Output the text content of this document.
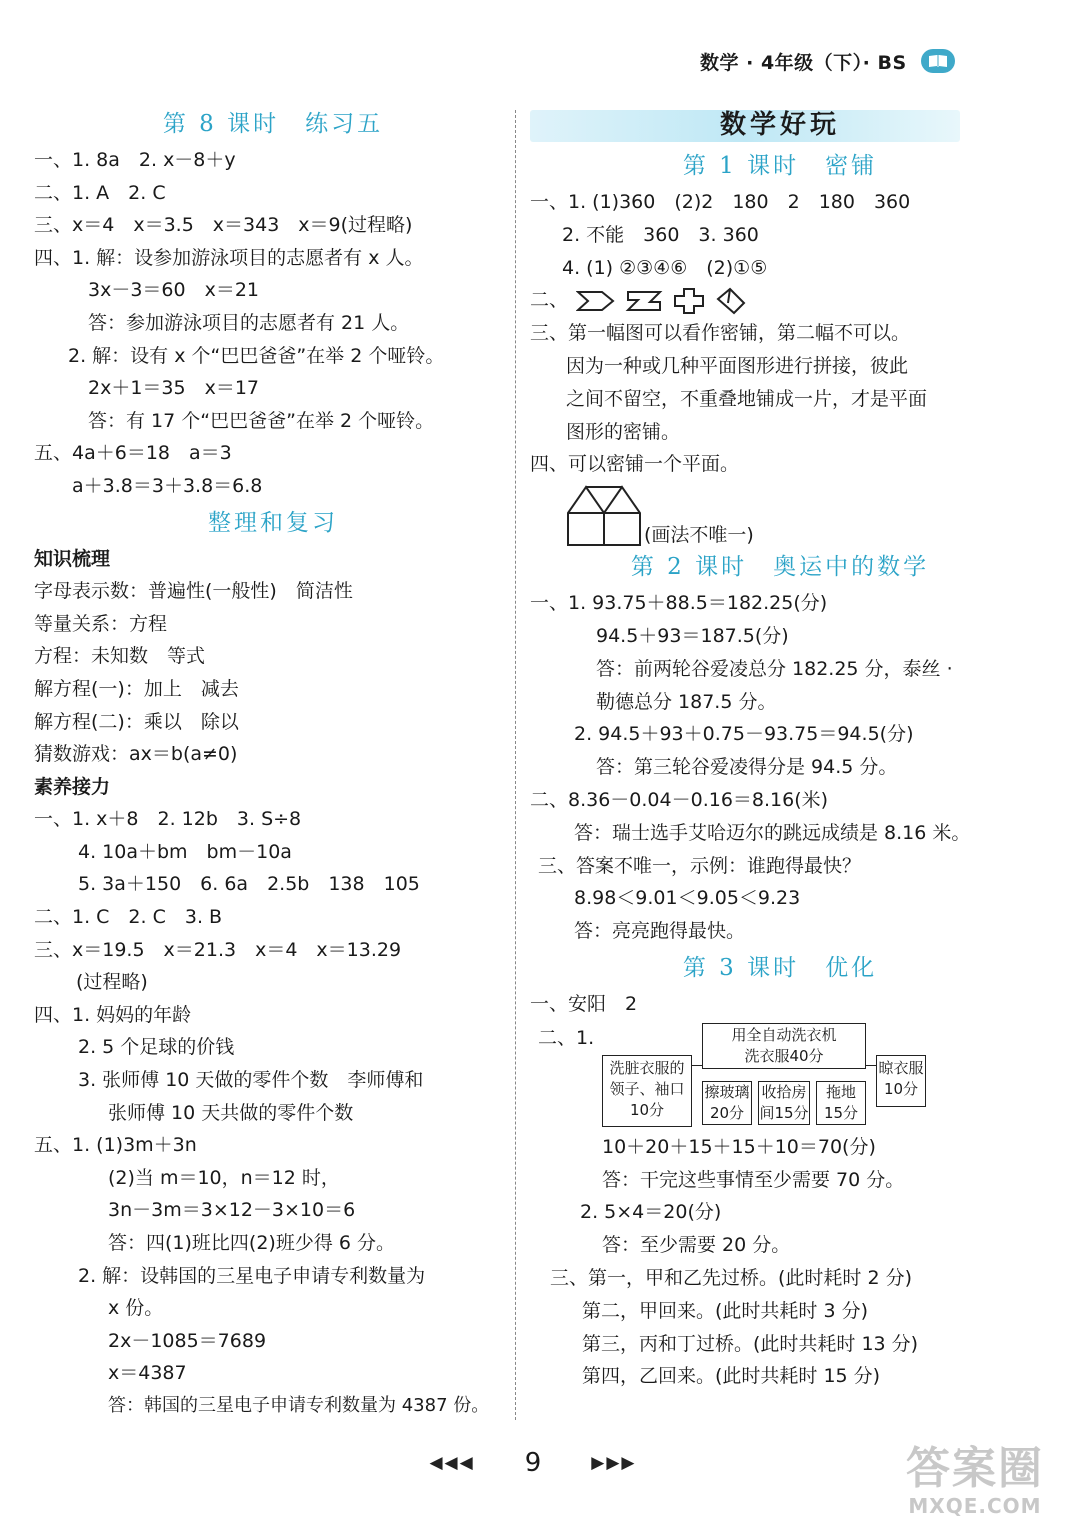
数学 · 4年级（下）· BS
第 8 课时　练习五
一、1. 8a　2. x－8＋y
二、1. A　2. C
三、x＝4　x＝3.5　x＝343　x＝9(过程略)
四、1. 解：设参加游泳项目的志愿者有 x 人。
3x－3＝60　x＝21
答：参加游泳项目的志愿者有 21 人。
2. 解：设有 x 个“巴巴爸爸”在举 2 个哑铃。
2x＋1＝35　x＝17
答：有 17 个“巴巴爸爸”在举 2 个哑铃。
五、4a＋6＝18　a＝3
a＋3.8＝3＋3.8＝6.8
整理和复习
知识梳理
字母表示数：普遍性(一般性)　简洁性
等量关系：方程
方程：未知数　等式
解方程(一)：加上　减去
解方程(二)：乘以　除以
猜数游戏：ax＝b(a≠0)
素养接力
一、1. x＋8　2. 12b　3. S÷8
4. 10a＋bm　bm－10a
5. 3a＋150　6. 6a　2.5b　138　105
二、1. C　2. C　3. B
三、x＝19.5　x＝21.3　x＝4　x＝13.29
(过程略)
四、1. 妈妈的年龄
2. 5 个足球的价钱
3. 张师傅 10 天做的零件个数　李师傅和
张师傅 10 天共做的零件个数
五、1. (1)3m＋3n
(2)当 m＝10，n＝12 时，
3n－3m＝3×12－3×10＝6
答：四(1)班比四(2)班少得 6 分。
2. 解：设韩国的三星电子申请专利数量为
x 份。
2x－1085＝7689
x＝4387
答：韩国的三星电子申请专利数量为 4387 份。
数学好玩
第 1 课时　密铺
一、1. (1)360　(2)2　180　2　180　360
2. 不能　360　3. 360
4. (1) ②③④⑥　(2)①⑤
二、
三、第一幅图可以看作密铺，第二幅不可以。
因为一种或几种平面图形进行拼接，彼此
之间不留空，不重叠地铺成一片，才是平面
图形的密铺。
四、可以密铺一个平面。
(画法不唯一)
第 2 课时　奥运中的数学
一、1. 93.75＋88.5＝182.25(分)
94.5＋93＝187.5(分)
答：前两轮谷爱凌总分 182.25 分，泰丝 ·
勒德总分 187.5 分。
2. 94.5＋93＋0.75－93.75＝94.5(分)
答：第三轮谷爱凌得分是 94.5 分。
二、8.36－0.04－0.16＝8.16(米)
答：瑞士选手艾哈迈尔的跳远成绩是 8.16 米。
三、答案不唯一，示例：谁跑得最快？
8.98＜9.01＜9.05＜9.23
答：亮亮跑得最快。
第 3 课时　优化
一、安阳　2
二、1.
洗脏衣服的领子、袖口10分
用全自动洗衣机
洗衣服40分
擦玻璃20分
收拾房间15分
拖地15分
晾衣服10分
10＋20＋15＋15＋10＝70(分)
答：干完这些事情至少需要 70 分。
2. 5×4＝20(分)
答：至少需要 20 分。
三、第一，甲和乙先过桥。(此时耗时 2 分)
第二，甲回来。(此时共耗时 3 分)
第三，丙和丁过桥。(此时共耗时 13 分)
第四，乙回来。(此时共耗时 15 分)
◀◀◀ 9	▶▶▶	答案圈
MXQE.COM
